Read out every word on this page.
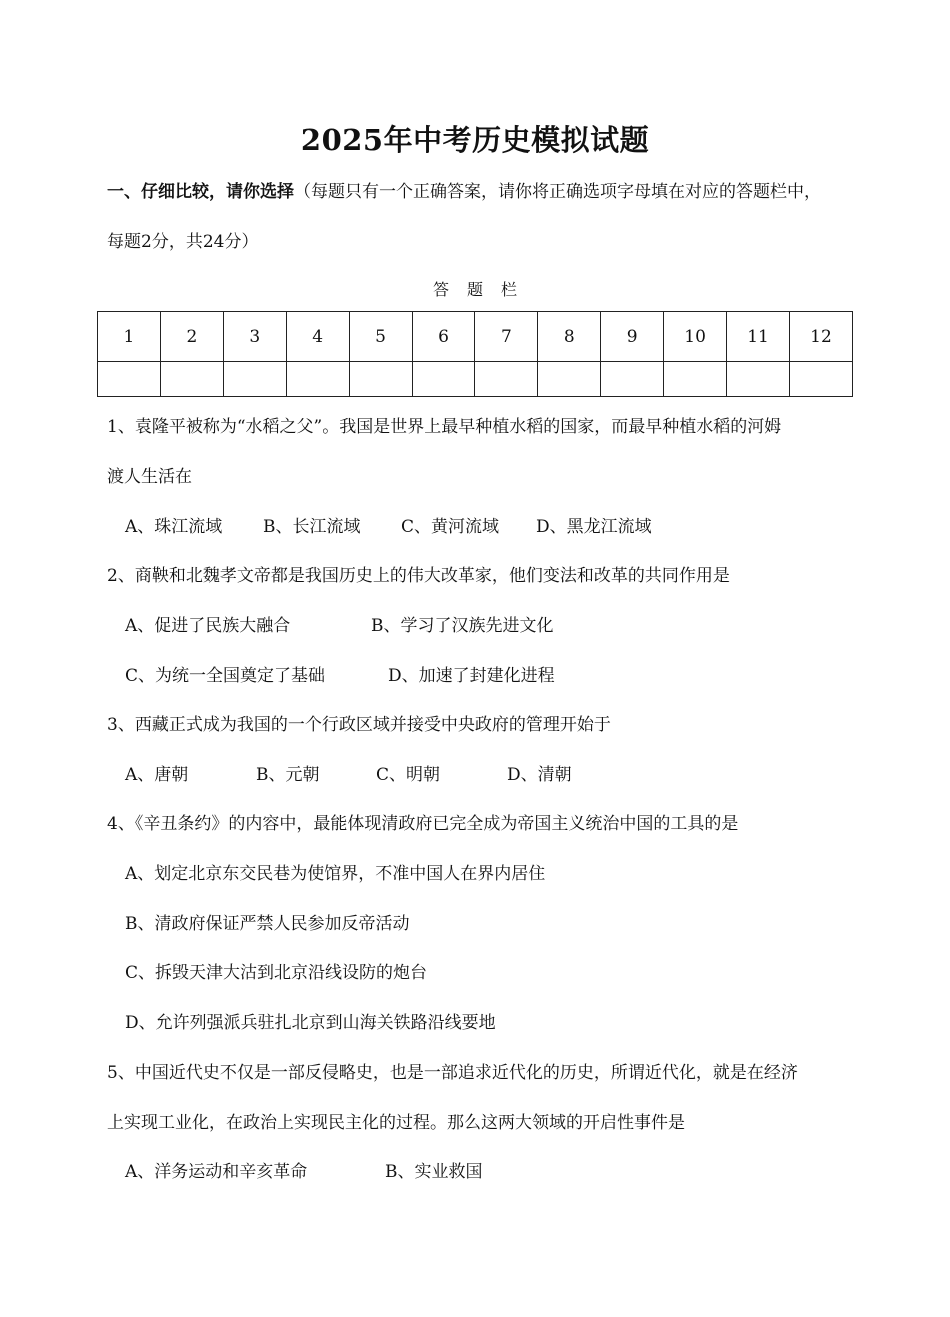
2025年中考历史模拟试题
一、仔细比较，请你选择（每题只有一个正确答案，请你将正确选项字母填在对应的答题栏中，
每题2分，共24分）
答 题 栏
1	2	3	4	5	6	7	8	9	10	11	12

1、袁隆平被称为“水稻之父”。我国是世界上最早种植水稻的国家，而最早种植水稻的河姆
渡人生活在
A、珠江流域 B、长江流域 C、黄河流域 D、黑龙江流域
2、商鞅和北魏孝文帝都是我国历史上的伟大改革家，他们变法和改革的共同作用是
A、促进了民族大融合	B、学习了汉族先进文化
C、为统一全国奠定了基础	D、加速了封建化进程
3、西藏正式成为我国的一个行政区域并接受中央政府的管理开始于
A、唐朝	B、元朝	C、明朝	D、清朝
4、《辛丑条约》的内容中，最能体现清政府已完全成为帝国主义统治中国的工具的是
A、划定北京东交民巷为使馆界，不准中国人在界内居住
B、清政府保证严禁人民参加反帝活动
C、拆毁天津大沽到北京沿线设防的炮台
D、允许列强派兵驻扎北京到山海关铁路沿线要地
5、中国近代史不仅是一部反侵略史，也是一部追求近代化的历史，所谓近代化，就是在经济
上实现工业化，在政治上实现民主化的过程。那么这两大领域的开启性事件是
A、洋务运动和辛亥革命	B、实业救国
